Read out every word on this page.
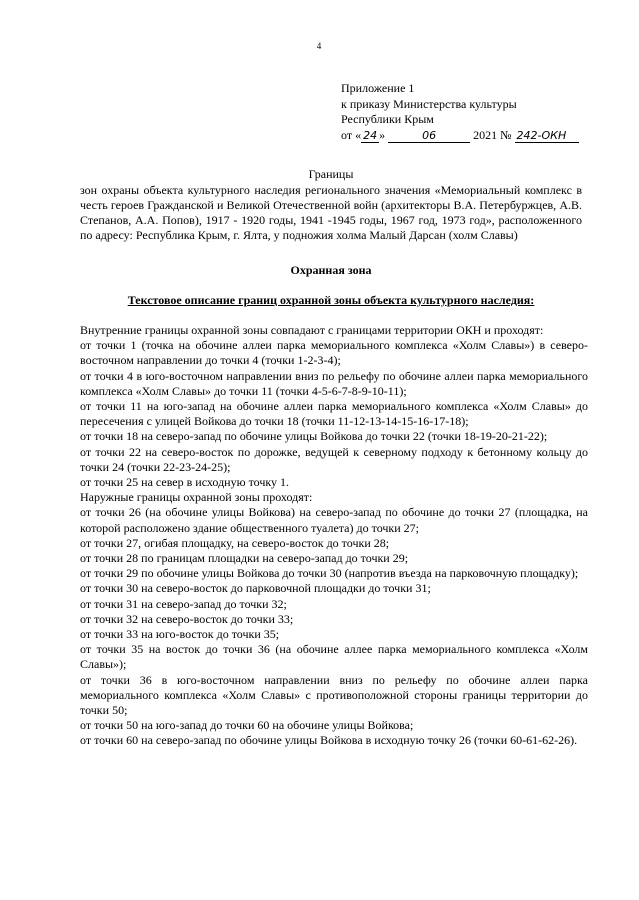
4
Приложение 1
к приказу Министерства культуры
Республики Крым
от « 24 »	06	2021 № 242-ОКН
Границы
зон охраны объекта культурного наследия регионального значения «Мемориальный комплекс в честь героев Гражданской и Великой Отечественной войн (архитекторы В.А. Петербуржцев, А.В. Степанов, А.А. Попов), 1917 - 1920 годы, 1941 -1945 годы, 1967 год, 1973 год», расположенного по адресу: Республика Крым, г. Ялта, у подножия холма Малый Дарсан (холм Славы)
Охранная зона
Текстовое описание границ охранной зоны объекта культурного наследия:
Внутренние границы охранной зоны совпадают с границами территории ОКН и проходят:
от точки 1 (точка на обочине аллеи парка мемориального комплекса «Холм Славы») в северо-восточном направлении до точки 4 (точки 1-2-3-4);
от точки 4 в юго-восточном направлении вниз по рельефу по обочине аллеи парка мемориального комплекса «Холм Славы» до точки 11 (точки 4-5-6-7-8-9-10-11);
от точки 11 на юго-запад на обочине аллеи парка мемориального комплекса «Холм Славы» до пересечения с улицей Войкова до точки 18 (точки 11-12-13-14-15-16-17-18);
от точки 18 на северо-запад по обочине улицы Войкова до точки 22 (точки 18-19-20-21-22);
от точки 22 на северо-восток по дорожке, ведущей к северному подходу к бетонному кольцу до точки 24 (точки 22-23-24-25);
от точки 25 на север в исходную точку 1.
Наружные границы охранной зоны проходят:
от точки 26 (на обочине улицы Войкова) на северо-запад по обочине до точки 27 (площадка, на которой расположено здание общественного туалета) до точки 27;
от точки 27, огибая площадку, на северо-восток до точки 28;
от точки 28 по границам площадки на северо-запад до точки 29;
от точки 29 по обочине улицы Войкова до точки 30 (напротив въезда на парковочную площадку);
от точки 30 на северо-восток до парковочной площадки до точки 31;
от точки 31 на северо-запад до точки 32;
от точки 32 на северо-восток до точки 33;
от точки 33 на юго-восток до точки 35;
от точки 35 на восток до точки 36 (на обочине аллее парка мемориального комплекса «Холм Славы»);
от точки 36 в юго-восточном направлении вниз по рельефу по обочине аллеи парка мемориального комплекса «Холм Славы» с противоположной стороны границы территории до точки 50;
от точки 50 на юго-запад до точки 60 на обочине улицы Войкова;
от точки 60 на северо-запад по обочине улицы Войкова в исходную точку 26 (точки 60-61-62-26).
